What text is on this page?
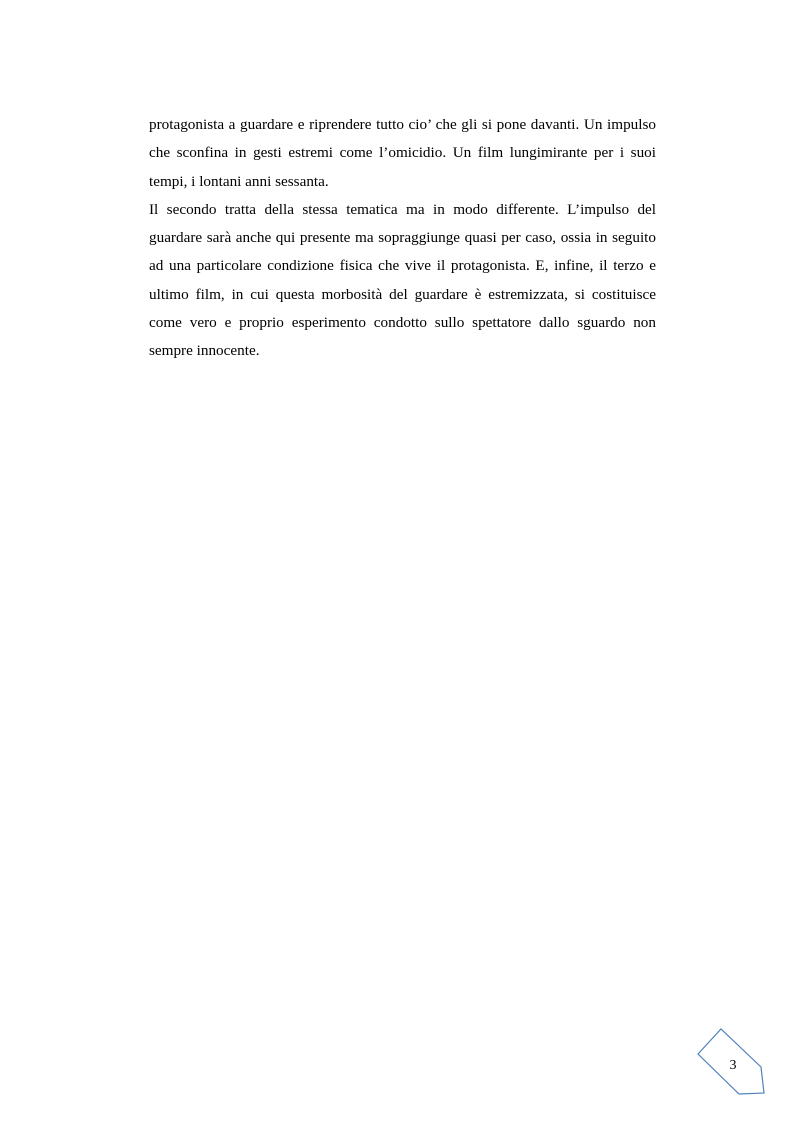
protagonista a guardare e riprendere tutto cio’ che gli si pone davanti. Un impulso che sconfina in gesti estremi come l’omicidio. Un film lungimirante per i suoi tempi, i lontani anni sessanta.

Il secondo tratta della stessa tematica ma in modo differente. L’impulso del guardare sarà anche qui presente ma sopraggiunge quasi per caso, ossia in seguito ad una particolare condizione fisica che vive il protagonista. E, infine, il terzo e ultimo film, in cui questa morbosità del guardare è estremizzata, si costituisce come vero e proprio esperimento condotto sullo spettatore dallo sguardo non sempre innocente.

3
